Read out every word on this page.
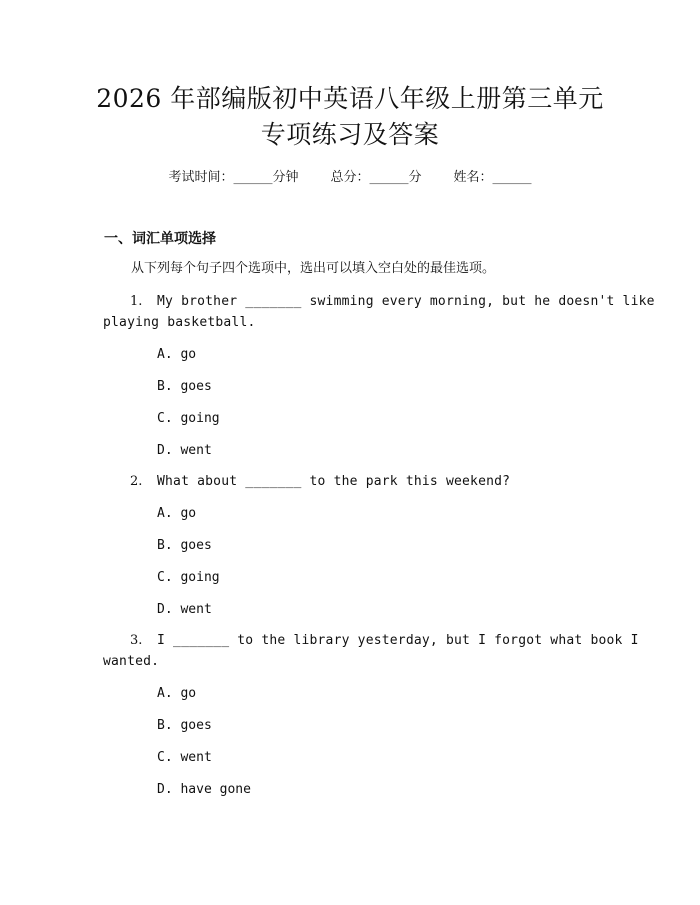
2026 年部编版初中英语八年级上册第三单元
专项练习及答案
考试时间：______分钟 总分：______分 姓名：______
一、词汇单项选择
从下列每个句子四个选项中，选出可以填入空白处的最佳选项。
1. My brother _______ swimming every morning, but he doesn't like
playing basketball.
A. go
B. goes
C. going
D. went
2. What about _______ to the park this weekend?
A. go
B. goes
C. going
D. went
3. I _______ to the library yesterday, but I forgot what book I
wanted.
A. go
B. goes
C. went
D. have gone
